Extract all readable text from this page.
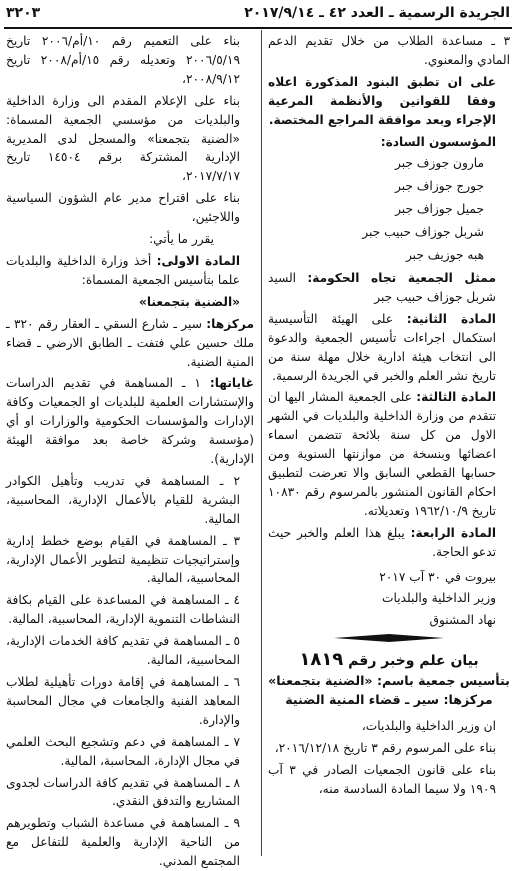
الجريدة الرسمية ـ العدد ٤٢ ـ ٢٠١٧/٩/١٤
٣٢٠٣

٣ ـ مساعدة الطلاب من خلال تقديم الدعم المادي والمعنوي.

على ان تطبق البنود المذكورة اعلاه وفقا للقوانين والأنظمة المرعية الإجراء وبعد موافقة المراجع المختصة.

المؤسسون السادة:

مارون جوزف جبر

جورج جوزاف جبر

جميل جوزاف جبر

شربل جوزاف حبيب جبر

هبه جوزيف جبر

ممثل الجمعية تجاه الحكومة: السيد شربل جوزاف حبيب جبر

المادة الثانية: على الهيئة التأسيسية استكمال اجراءات تأسيس الجمعية والدعوة الى انتخاب هيئة ادارية خلال مهلة سنة من تاريخ نشر العلم والخبر في الجريدة الرسمية.

المادة الثالثة: على الجمعية المشار اليها ان تتقدم من وزارة الداخلية والبلديات في الشهر الاول من كل سنة بلائحة تتضمن اسماء اعضائها وبنسخة من موازنتها السنوية ومن حسابها القطعي السابق والا تعرضت لتطبيق احكام القانون المنشور بالمرسوم رقم ١٠٨٣٠ تاريخ ١٩٦٢/١٠/٩ وتعديلاته.

المادة الرابعة: يبلغ هذا العلم والخبر حيث تدعو الحاجة.

بيروت في ٣٠ آب ٢٠١٧

وزير الداخلية والبلديات

نهاد المشنوق

بيان علم وخبر رقم ١٨١٩

بتأسيس جمعية باسم: «الضنية بتجمعنا»

مركزها: سير ـ قضاء المنية الضنية

ان وزير الداخلية والبلديات،

بناء على المرسوم رقم ٣ تاريخ ٢٠١٦/١٢/١٨،

بناء على قانون الجمعيات الصادر في ٣ آب ١٩٠٩ ولا سيما المادة السادسة منه،

بناء على التعميم رقم ١٠/أم/٢٠٠٦ تاريخ ٢٠٠٦/٥/١٩ وتعديله رقم ١٥/أم/٢٠٠٨ تاريخ ٢٠٠٨/٩/١٢،

بناء على الإعلام المقدم الى وزارة الداخلية والبلديات من مؤسسي الجمعية المسماة: «الضنية بتجمعنا» والمسجل لدى المديرية الإدارية المشتركة برقم ١٤٥٠٤ تاريخ ٢٠١٧/٧/١٧،

بناء على اقتراح مدير عام الشؤون السياسية واللاجئين،

يقرر ما يأتي:

المادة الاولى: أخذ وزارة الداخلية والبلديات علما بتأسيس الجمعية المسماة:

«الضنية بتجمعنا»

مركزها: سير ـ شارع السقي ـ العقار رقم ٣٢٠ ـ ملك حسين علي فتفت ـ الطابق الارضي ـ قضاء المنية الضنية.

غاياتها: ١ ـ المساهمة في تقديم الدراسات والإستشارات العلمية للبلديات او الجمعيات وكافة الإدارات والمؤسسات الحكومية والوزارات او أي (مؤسسة وشركة خاصة بعد موافقة الهيئة الإدارية).

٢ ـ المساهمة في تدريب وتأهيل الكوادر البشرية للقيام بالأعمال الإدارية، المحاسبية، المالية.

٣ ـ المساهمة في القيام بوضع خطط إدارية وإستراتيجيات تنظيمية لتطوير الأعمال الإدارية، المحاسبية، المالية.

٤ ـ المساهمة في المساعدة على القيام بكافة النشاطات التنموية الإدارية، المحاسبية، المالية.

٥ ـ المساهمة في تقديم كافة الخدمات الإدارية، المحاسبية، المالية.

٦ ـ المساهمة في إقامة دورات تأهيلية لطلاب المعاهد الفنية والجامعات في مجال المحاسبة والإدارة.

٧ ـ المساهمة في دعم وتشجيع البحث العلمي في مجال الإدارة، المحاسبة، المالية.

٨ ـ المساهمة في تقديم كافة الدراسات لجدوى المشاريع والتدفق النقدي.

٩ ـ المساهمة في مساعدة الشباب وتطويرهم من الناحية الإدارية والعلمية للتفاعل مع المجتمع المدني.
